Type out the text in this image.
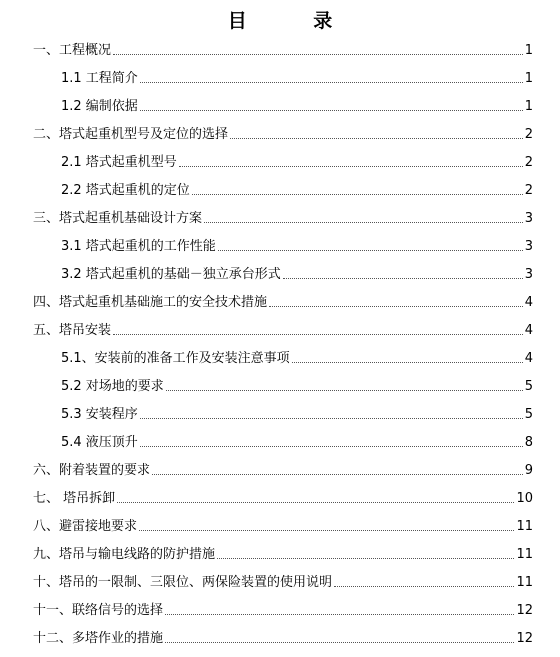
目 录
一、工程概况	1
1.1 工程简介	1
1.2 编制依据	1
二、塔式起重机型号及定位的选择	2
2.1 塔式起重机型号	2
2.2 塔式起重机的定位	2
三、塔式起重机基础设计方案	3
3.1 塔式起重机的工作性能	3
3.2 塔式起重机的基础－独立承台形式	3
四、塔式起重机基础施工的安全技术措施	4
五、塔吊安装	4
5.1、安装前的准备工作及安装注意事项	4
5.2 对场地的要求	5
5.3 安装程序	5
5.4 液压顶升	8
六、附着装置的要求	9
七、 塔吊拆卸	10
八、避雷接地要求	11
九、塔吊与输电线路的防护措施	11
十、塔吊的一限制、三限位、两保险装置的使用说明	11
十一、联络信号的选择	12
十二、多塔作业的措施	12
